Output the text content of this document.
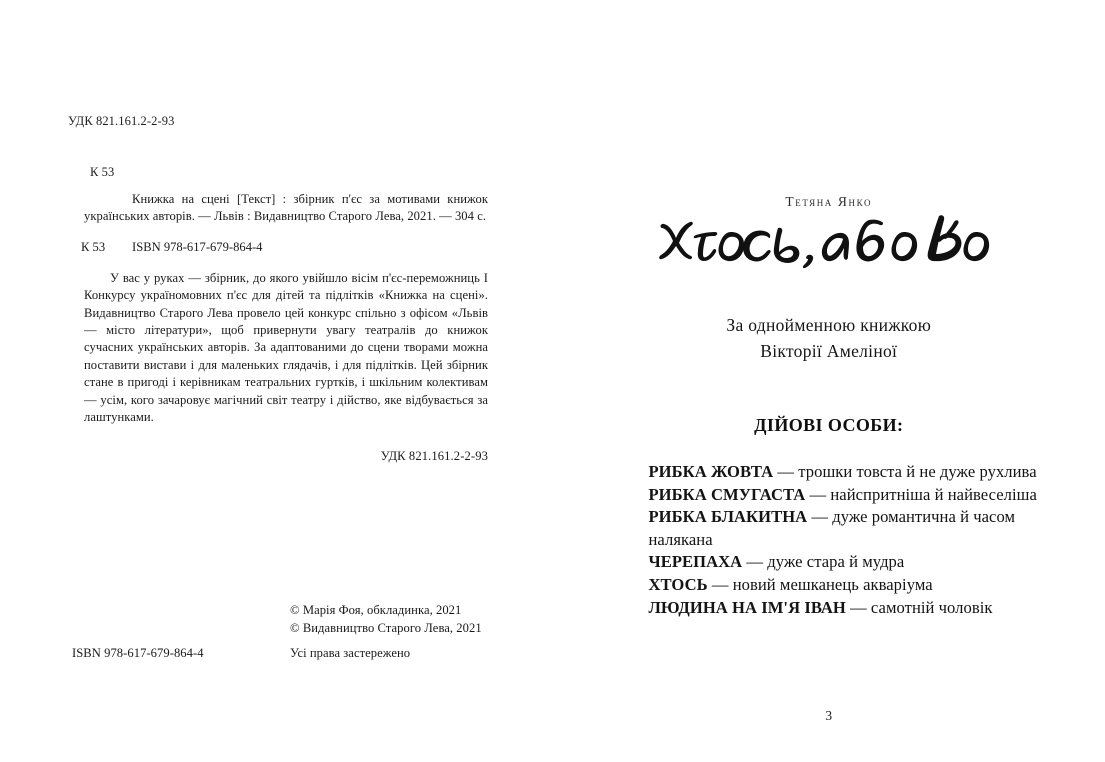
УДК 821.161.2-2-93

К 53

Книжка на сцені [Текст] : збірник п'єс за мотивами книжок українських авторів. — Львів : Видавництво Старого Лева, 2021. — 304 с.

К 53 ISBN 978-617-679-864-4

У вас у руках — збірник, до якого увійшло вісім п'єс-переможниць I Конкурсу україномовних п'єс для дітей та підлітків «Книжка на сцені». Видавництво Старого Лева провело цей конкурс спільно з офісом «Львів — місто літератури», щоб привернути увагу театралів до книжок сучасних українських авторів. За адаптованими до сцени творами можна поставити вистави і для маленьких глядачів, і для підлітків. Цей збірник стане в пригоді і керівникам театральних гуртків, і шкільним колективам — усім, кого зачаровує магічний світ театру і дійство, яке відбувається за лаштунками.

УДК 821.161.2-2-93
© Марія Фоя, обкладинка, 2021
© Видавництво Старого Лева, 2021
ISBN 978-617-679-864-4	Усі права застережено
Тетяна Янко
За однойменною книжкою
Вікторії Амеліної
ДІЙОВІ ОСОБИ:

РИБКА ЖОВТА — трошки товста й не дуже рухлива

РИБКА СМУГАСТА — найспритніша й найвеселіша

РИБКА БЛАКИТНА — дуже романтична й часом налякана

ЧЕРЕПАХА — дуже стара й мудра

ХТОСЬ — новий мешканець акваріума

ЛЮДИНА НА ІМ'Я ІВАН — самотній чоловік

3
